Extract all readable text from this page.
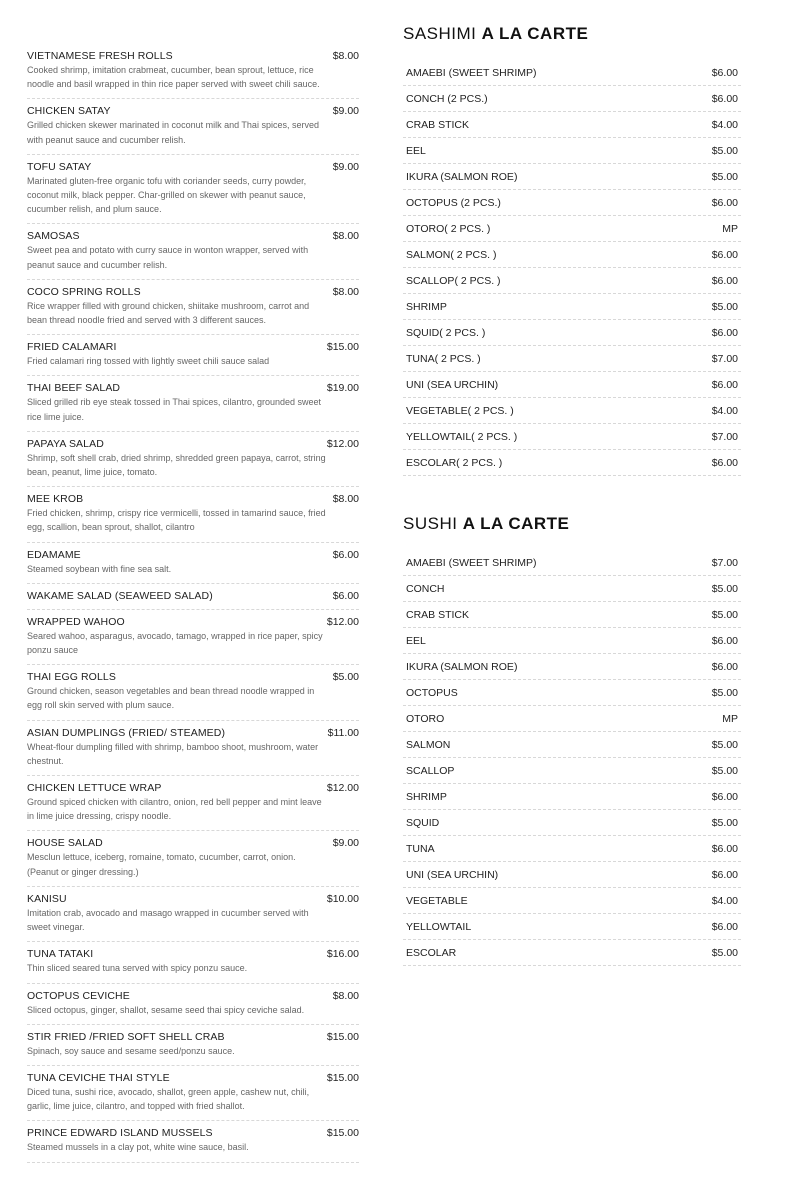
VIETNAMESE FRESH ROLLS	$8.00
Cooked shrimp, imitation crabmeat, cucumber, bean sprout, lettuce, rice noodle and basil wrapped in thin rice paper served with sweet chili sauce.
CHICKEN SATAY	$9.00
Grilled chicken skewer marinated in coconut milk and Thai spices, served with peanut sauce and cucumber relish.
TOFU SATAY	$9.00
Marinated gluten-free organic tofu with coriander seeds, curry powder, coconut milk, black pepper. Char-grilled on skewer with peanut sauce, cucumber relish, and plum sauce.
SAMOSAS	$8.00
Sweet pea and potato with curry sauce in wonton wrapper, served with peanut sauce and cucumber relish.
COCO SPRING ROLLS	$8.00
Rice wrapper filled with ground chicken, shiitake mushroom, carrot and bean thread noodle fried and served with 3 different sauces.
FRIED CALAMARI	$15.00
Fried calamari ring tossed with lightly sweet chili sauce salad
THAI BEEF SALAD	$19.00
Sliced grilled rib eye steak tossed in Thai spices, cilantro, grounded sweet rice lime juice.
PAPAYA SALAD	$12.00
Shrimp, soft shell crab, dried shrimp, shredded green papaya, carrot, string bean, peanut, lime juice, tomato.
MEE KROB	$8.00
Fried chicken, shrimp, crispy rice vermicelli, tossed in tamarind sauce, fried egg, scallion, bean sprout, shallot, cilantro
EDAMAME	$6.00
Steamed soybean with fine sea salt.
WAKAME SALAD (SEAWEED SALAD)	$6.00
WRAPPED WAHOO	$12.00
Seared wahoo, asparagus, avocado, tamago, wrapped in rice paper, spicy ponzu sauce
THAI EGG ROLLS	$5.00
Ground chicken, season vegetables and bean thread noodle wrapped in egg roll skin served with plum sauce.
ASIAN DUMPLINGS (FRIED/ STEAMED)	$11.00
Wheat-flour dumpling filled with shrimp, bamboo shoot, mushroom, water chestnut.
CHICKEN LETTUCE WRAP	$12.00
Ground spiced chicken with cilantro, onion, red bell pepper and mint leave in lime juice dressing, crispy noodle.
HOUSE SALAD	$9.00
Mesclun lettuce, iceberg, romaine, tomato, cucumber, carrot, onion. (Peanut or ginger dressing.)
KANISU	$10.00
Imitation crab, avocado and masago wrapped in cucumber served with sweet vinegar.
TUNA TATAKI	$16.00
Thin sliced seared tuna served with spicy ponzu sauce.
OCTOPUS CEVICHE	$8.00
Sliced octopus, ginger, shallot, sesame seed thai spicy ceviche salad.
STIR FRIED /FRIED SOFT SHELL CRAB	$15.00
Spinach, soy sauce and sesame seed/ponzu sauce.
TUNA CEVICHE THAI STYLE	$15.00
Diced tuna, sushi rice, avocado, shallot, green apple, cashew nut, chili, garlic, lime juice, cilantro, and topped with fried shallot.
PRINCE EDWARD ISLAND MUSSELS	$15.00
Steamed mussels in a clay pot, white wine sauce, basil.
SASHIMI A LA CARTE
AMAEBI (SWEET SHRIMP)	$6.00
CONCH (2 PCS.)	$6.00
CRAB STICK	$4.00
EEL	$5.00
IKURA (SALMON ROE)	$5.00
OCTOPUS (2 PCS.)	$6.00
OTORO( 2 PCS. )	MP
SALMON( 2 PCS. )	$6.00
SCALLOP( 2 PCS. )	$6.00
SHRIMP	$5.00
SQUID( 2 PCS. )	$6.00
TUNA( 2 PCS. )	$7.00
UNI (SEA URCHIN)	$6.00
VEGETABLE( 2 PCS. )	$4.00
YELLOWTAIL( 2 PCS. )	$7.00
ESCOLAR( 2 PCS. )	$6.00
SUSHI A LA CARTE
AMAEBI (SWEET SHRIMP)	$7.00
CONCH	$5.00
CRAB STICK	$5.00
EEL	$6.00
IKURA (SALMON ROE)	$6.00
OCTOPUS	$5.00
OTORO	MP
SALMON	$5.00
SCALLOP	$5.00
SHRIMP	$6.00
SQUID	$5.00
TUNA	$6.00
UNI (SEA URCHIN)	$6.00
VEGETABLE	$4.00
YELLOWTAIL	$6.00
ESCOLAR	$5.00
